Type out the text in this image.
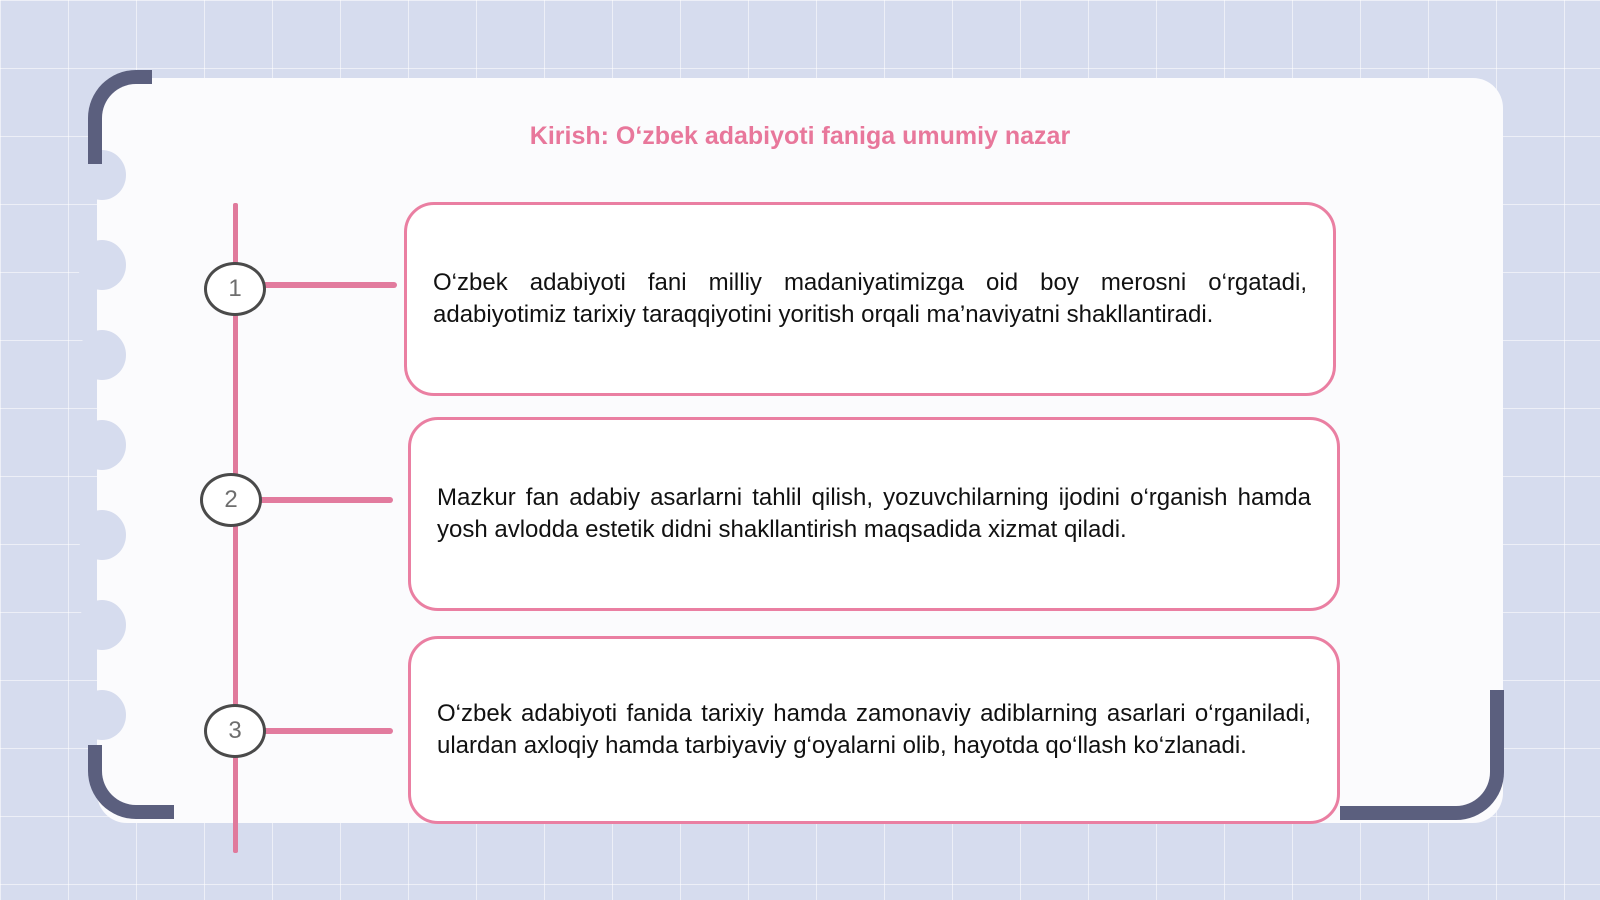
Kirish: O‘zbek adabiyoti faniga umumiy nazar
1
2
3
O‘zbek adabiyoti fani milliy madaniyatimizga oid boy merosni o‘rgatadi, adabiyotimiz tarixiy taraqqiyotini yoritish orqali ma’naviyatni shakllantiradi.
Mazkur fan adabiy asarlarni tahlil qilish, yozuvchilarning ijodini o‘rganish hamda yosh avlodda estetik didni shakllantirish maqsadida xizmat qiladi.
O‘zbek adabiyoti fanida tarixiy hamda zamonaviy adiblarning asarlari o‘rganiladi, ulardan axloqiy hamda tarbiyaviy g‘oyalarni olib, hayotda qo‘llash ko‘zlanadi.
